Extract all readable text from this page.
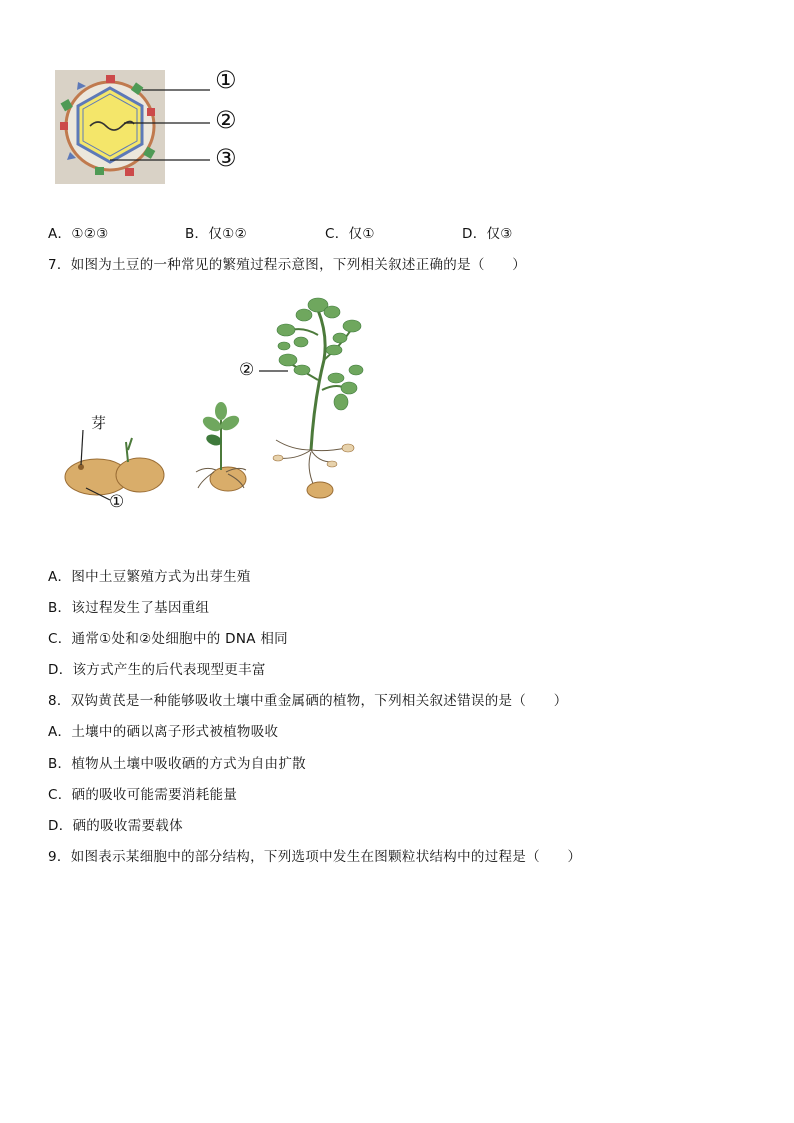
①
②
③
A．①②③	B．仅①②	C．仅①	D．仅③
7．如图为土豆的一种常见的繁殖过程示意图，下列相关叙述正确的是（　　）
芽
①
②
A．图中土豆繁殖方式为出芽生殖
B．该过程发生了基因重组
C．通常①处和②处细胞中的 DNA 相同
D．该方式产生的后代表现型更丰富
8．双钩黄芪是一种能够吸收土壤中重金属硒的植物，下列相关叙述错误的是（　　）
A．土壤中的硒以离子形式被植物吸收
B．植物从土壤中吸收硒的方式为自由扩散
C．硒的吸收可能需要消耗能量
D．硒的吸收需要载体
9．如图表示某细胞中的部分结构，下列选项中发生在图颗粒状结构中的过程是（　　）
